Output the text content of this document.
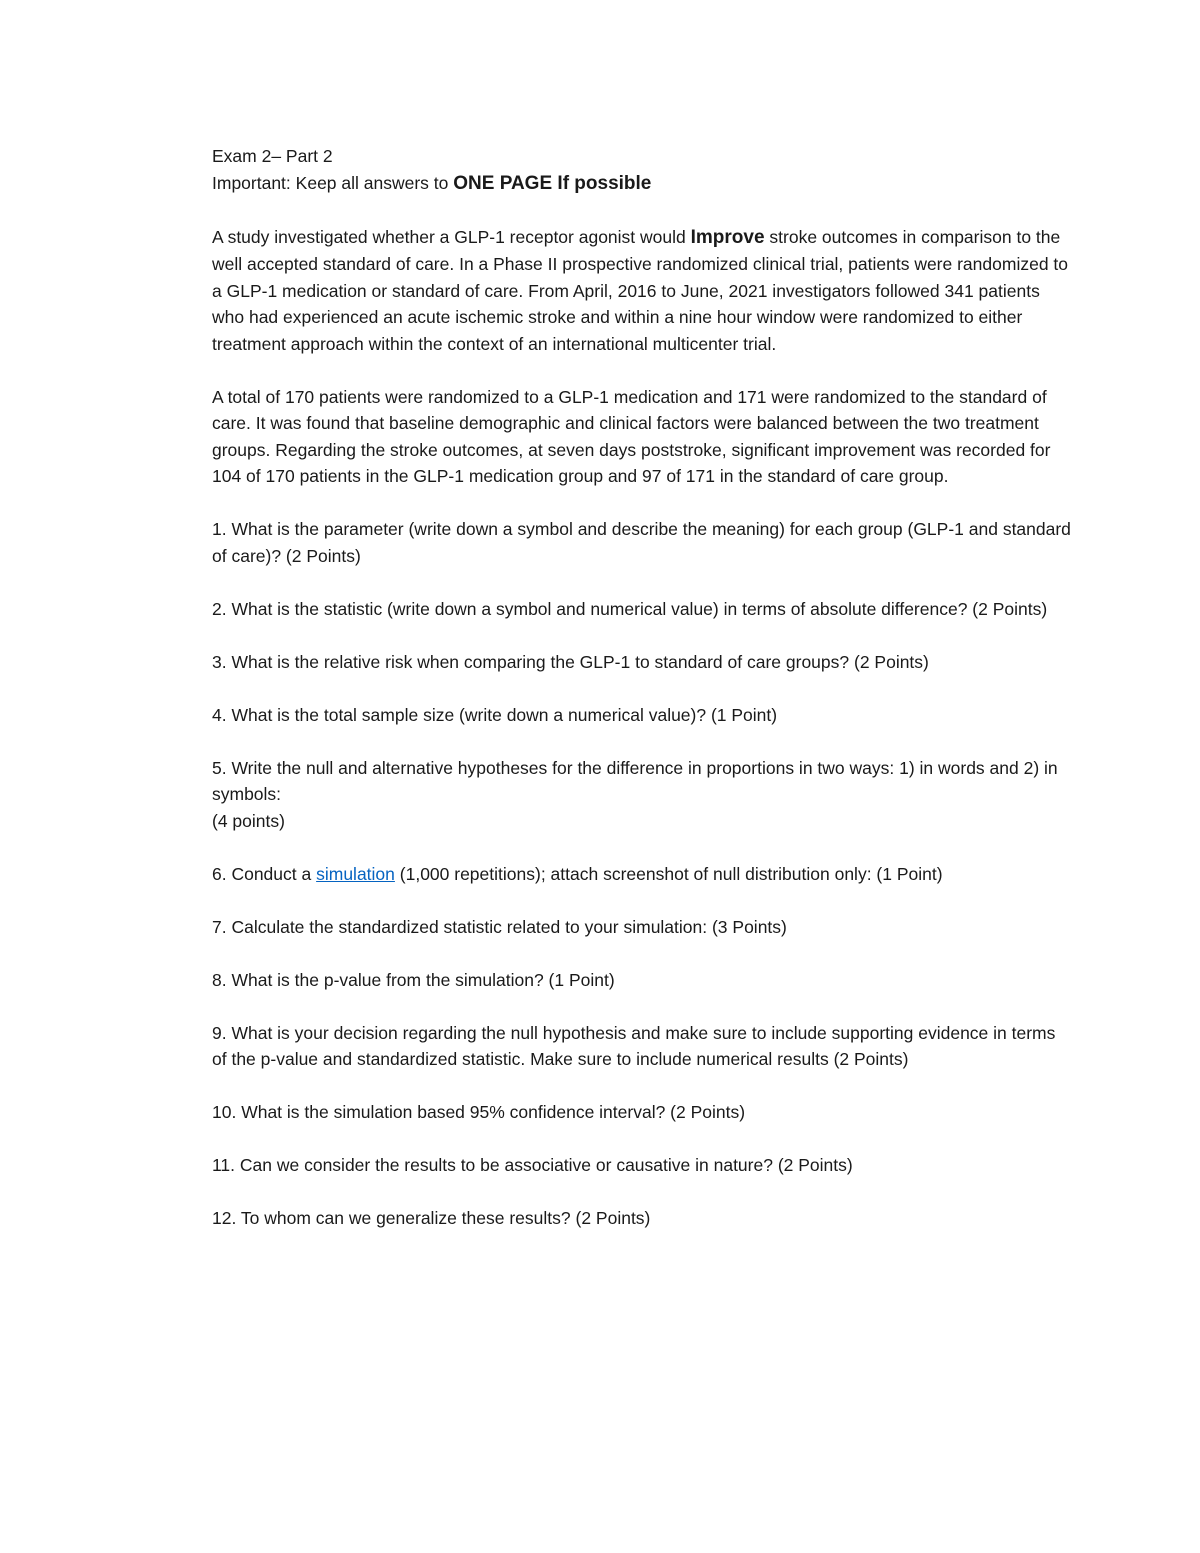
Exam 2– Part 2

Important: Keep all answers to ONE PAGE If possible

A study investigated whether a GLP-1 receptor agonist would Improve stroke outcomes in comparison to the well accepted standard of care. In a Phase II prospective randomized clinical trial, patients were randomized to a GLP-1 medication or standard of care. From April, 2016 to June, 2021 investigators followed 341 patients who had experienced an acute ischemic stroke and within a nine hour window were randomized to either treatment approach within the context of an international multicenter trial.

A total of 170 patients were randomized to a GLP-1 medication and 171 were randomized to the standard of care. It was found that baseline demographic and clinical factors were balanced between the two treatment groups. Regarding the stroke outcomes, at seven days poststroke, significant improvement was recorded for 104 of 170 patients in the GLP-1 medication group and 97 of 171 in the standard of care group.

1. What is the parameter (write down a symbol and describe the meaning) for each group (GLP-1 and standard of care)? (2 Points)

2. What is the statistic (write down a symbol and numerical value) in terms of absolute difference? (2 Points)

3. What is the relative risk when comparing the GLP-1 to standard of care groups? (2 Points)

4. What is the total sample size (write down a numerical value)? (1 Point)

5. Write the null and alternative hypotheses for the difference in proportions in two ways: 1) in words and 2) in symbols:

(4 points)

6. Conduct a simulation (1,000 repetitions); attach screenshot of null distribution only: (1 Point)

7. Calculate the standardized statistic related to your simulation: (3 Points)

8. What is the p-value from the simulation? (1 Point)

9. What is your decision regarding the null hypothesis and make sure to include supporting evidence in terms of the p-value and standardized statistic. Make sure to include numerical results (2 Points)

10. What is the simulation based 95% confidence interval? (2 Points)

11. Can we consider the results to be associative or causative in nature? (2 Points)

12. To whom can we generalize these results? (2 Points)
